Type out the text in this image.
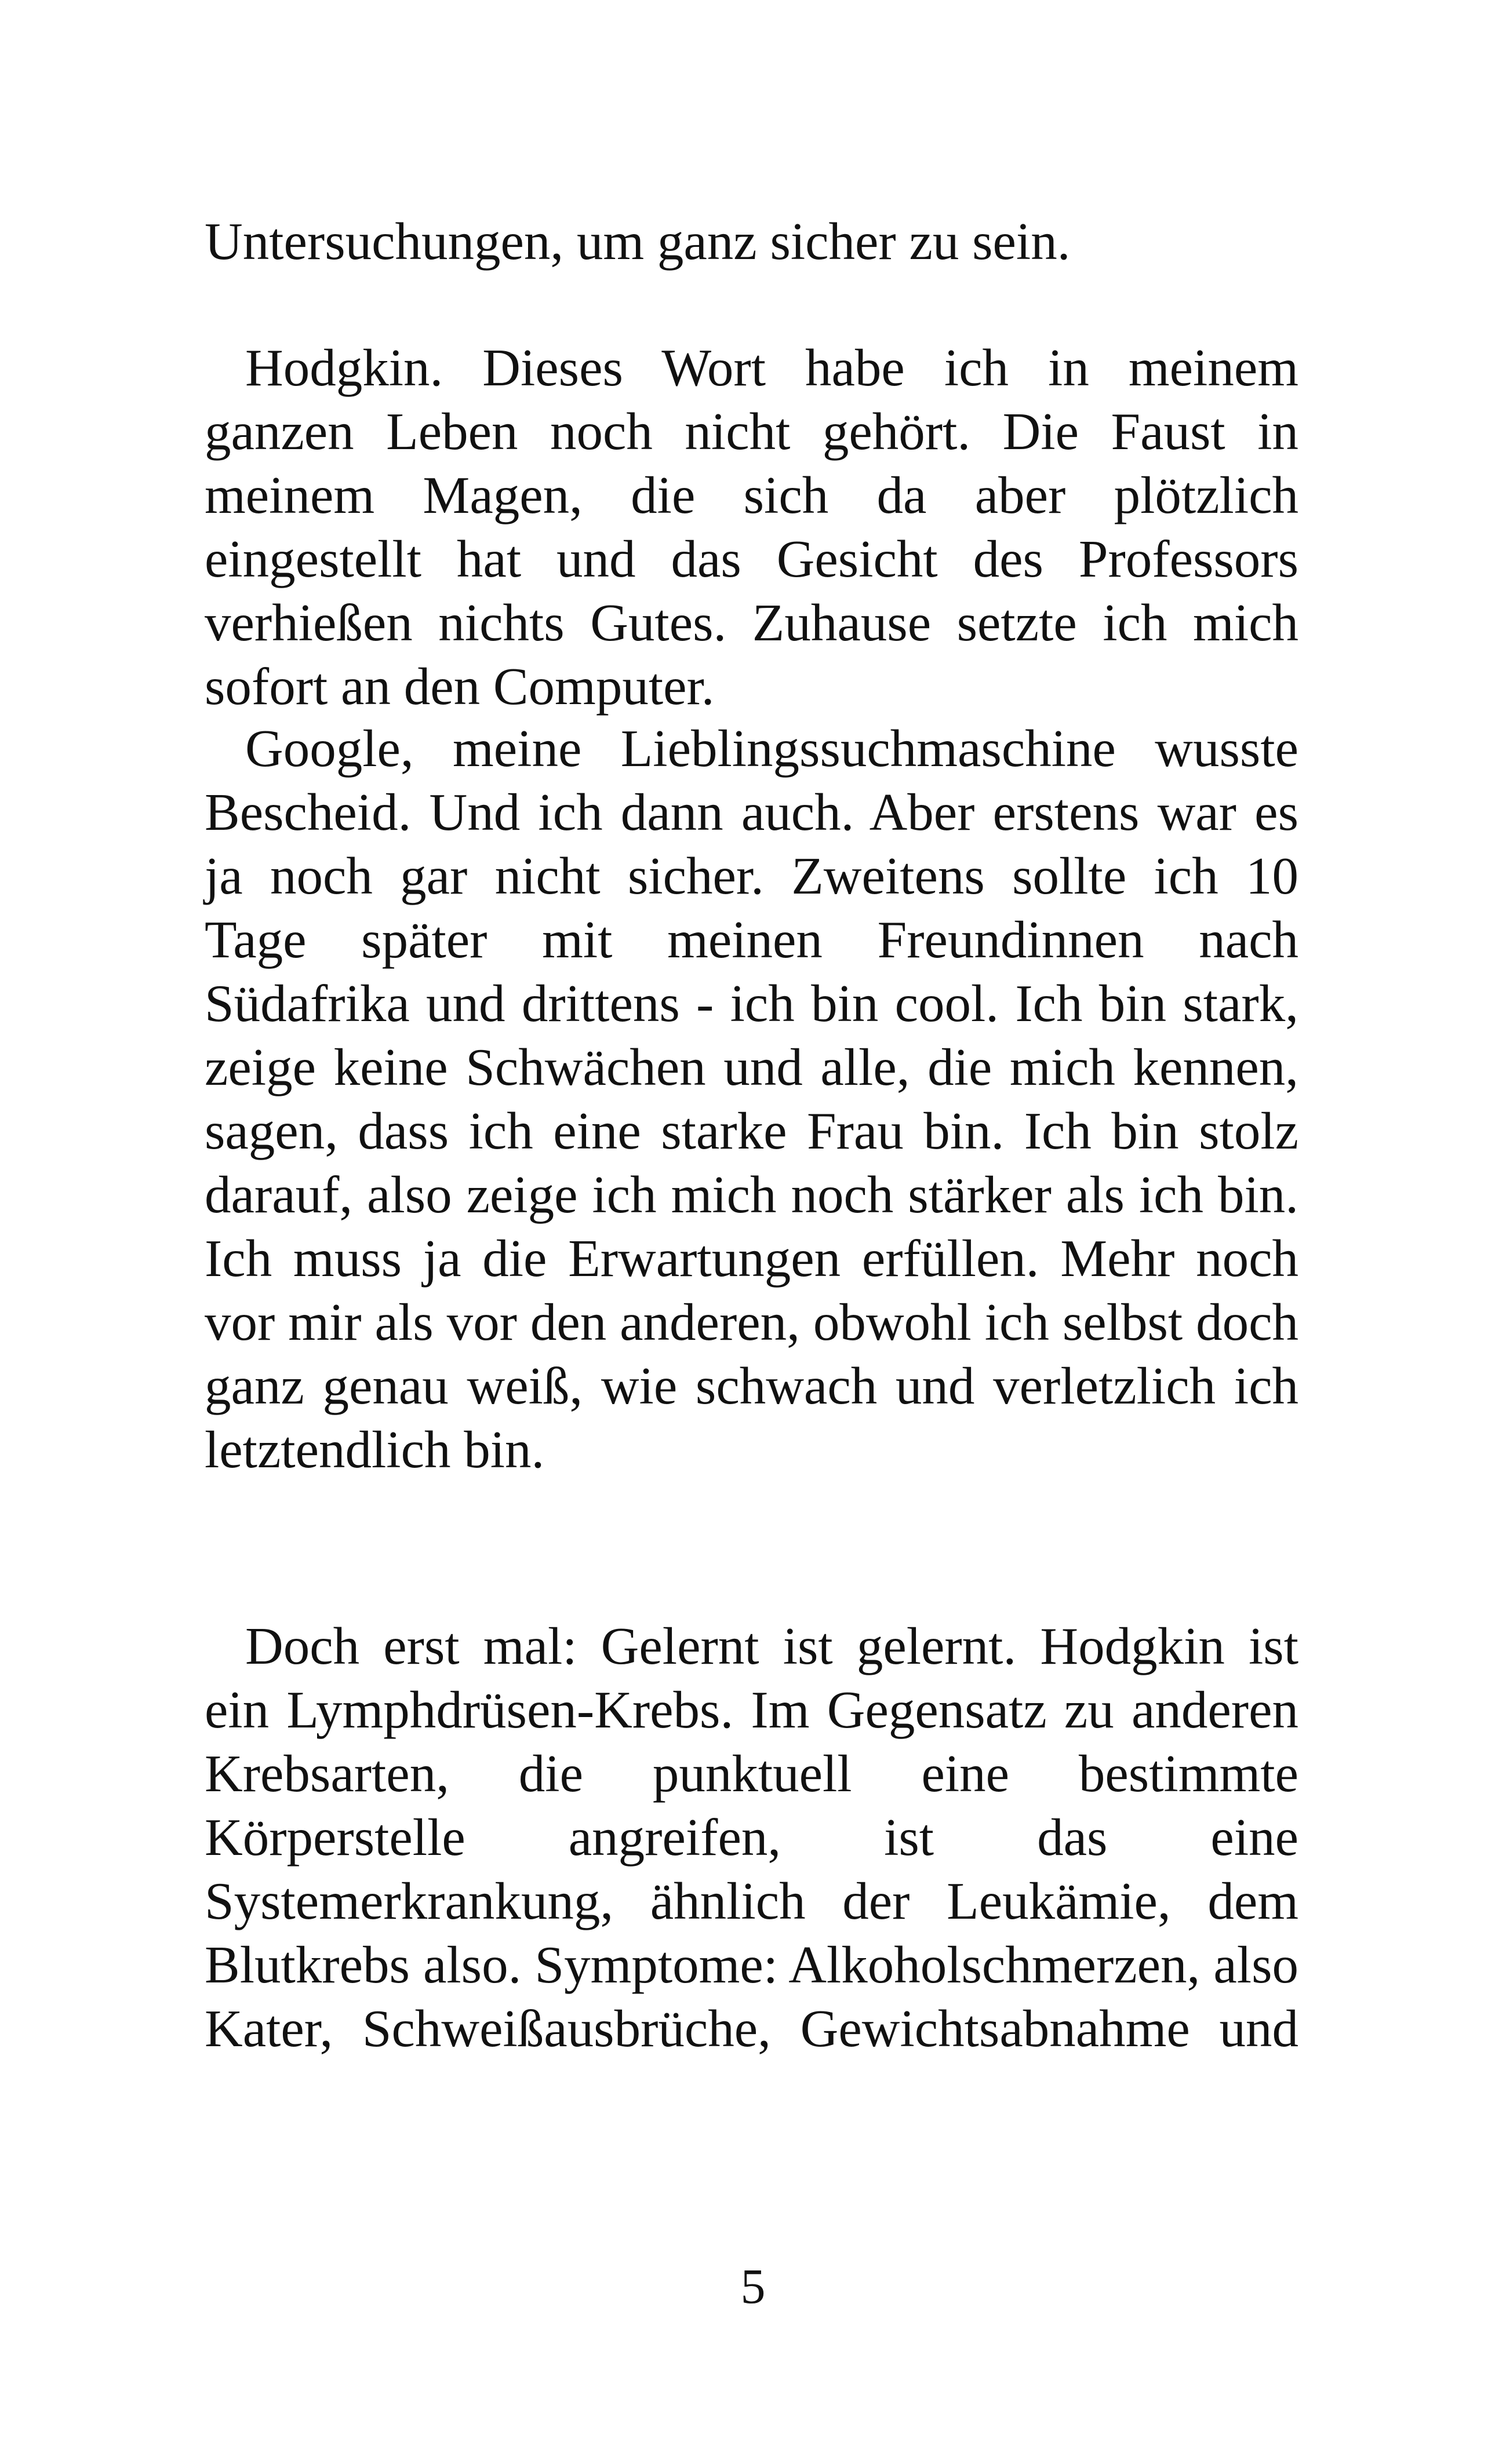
Untersuchungen, um ganz sicher zu sein.

Hodgkin. Dieses Wort habe ich in meinem ganzen Leben noch nicht gehört. Die Faust in meinem Magen, die sich da aber plötzlich eingestellt hat und das Gesicht des Professors verhießen nichts Gutes. Zuhause setzte ich mich sofort an den Computer.

Google, meine Lieblingssuchmaschine wusste Bescheid. Und ich dann auch. Aber erstens war es ja noch gar nicht sicher. Zweitens sollte ich 10 Tage später mit meinen Freundinnen nach Südafrika und drittens - ich bin cool. Ich bin stark, zeige keine Schwächen und alle, die mich kennen, sagen, dass ich eine starke Frau bin. Ich bin stolz darauf, also zeige ich mich noch stärker als ich bin. Ich muss ja die Erwartungen erfüllen. Mehr noch vor mir als vor den anderen, obwohl ich selbst doch ganz genau weiß, wie schwach und verletzlich ich letztendlich bin.

Doch erst mal: Gelernt ist gelernt. Hodgkin ist ein Lymphdrüsen-Krebs. Im Gegensatz zu anderen Krebsarten, die punktuell eine bestimmte Körperstelle angreifen, ist das eine Systemerkrankung, ähnlich der Leukämie, dem Blutkrebs also. Symptome: Alkoholschmerzen, also Kater, Schweißausbrüche, Gewichtsabnahme und

5
